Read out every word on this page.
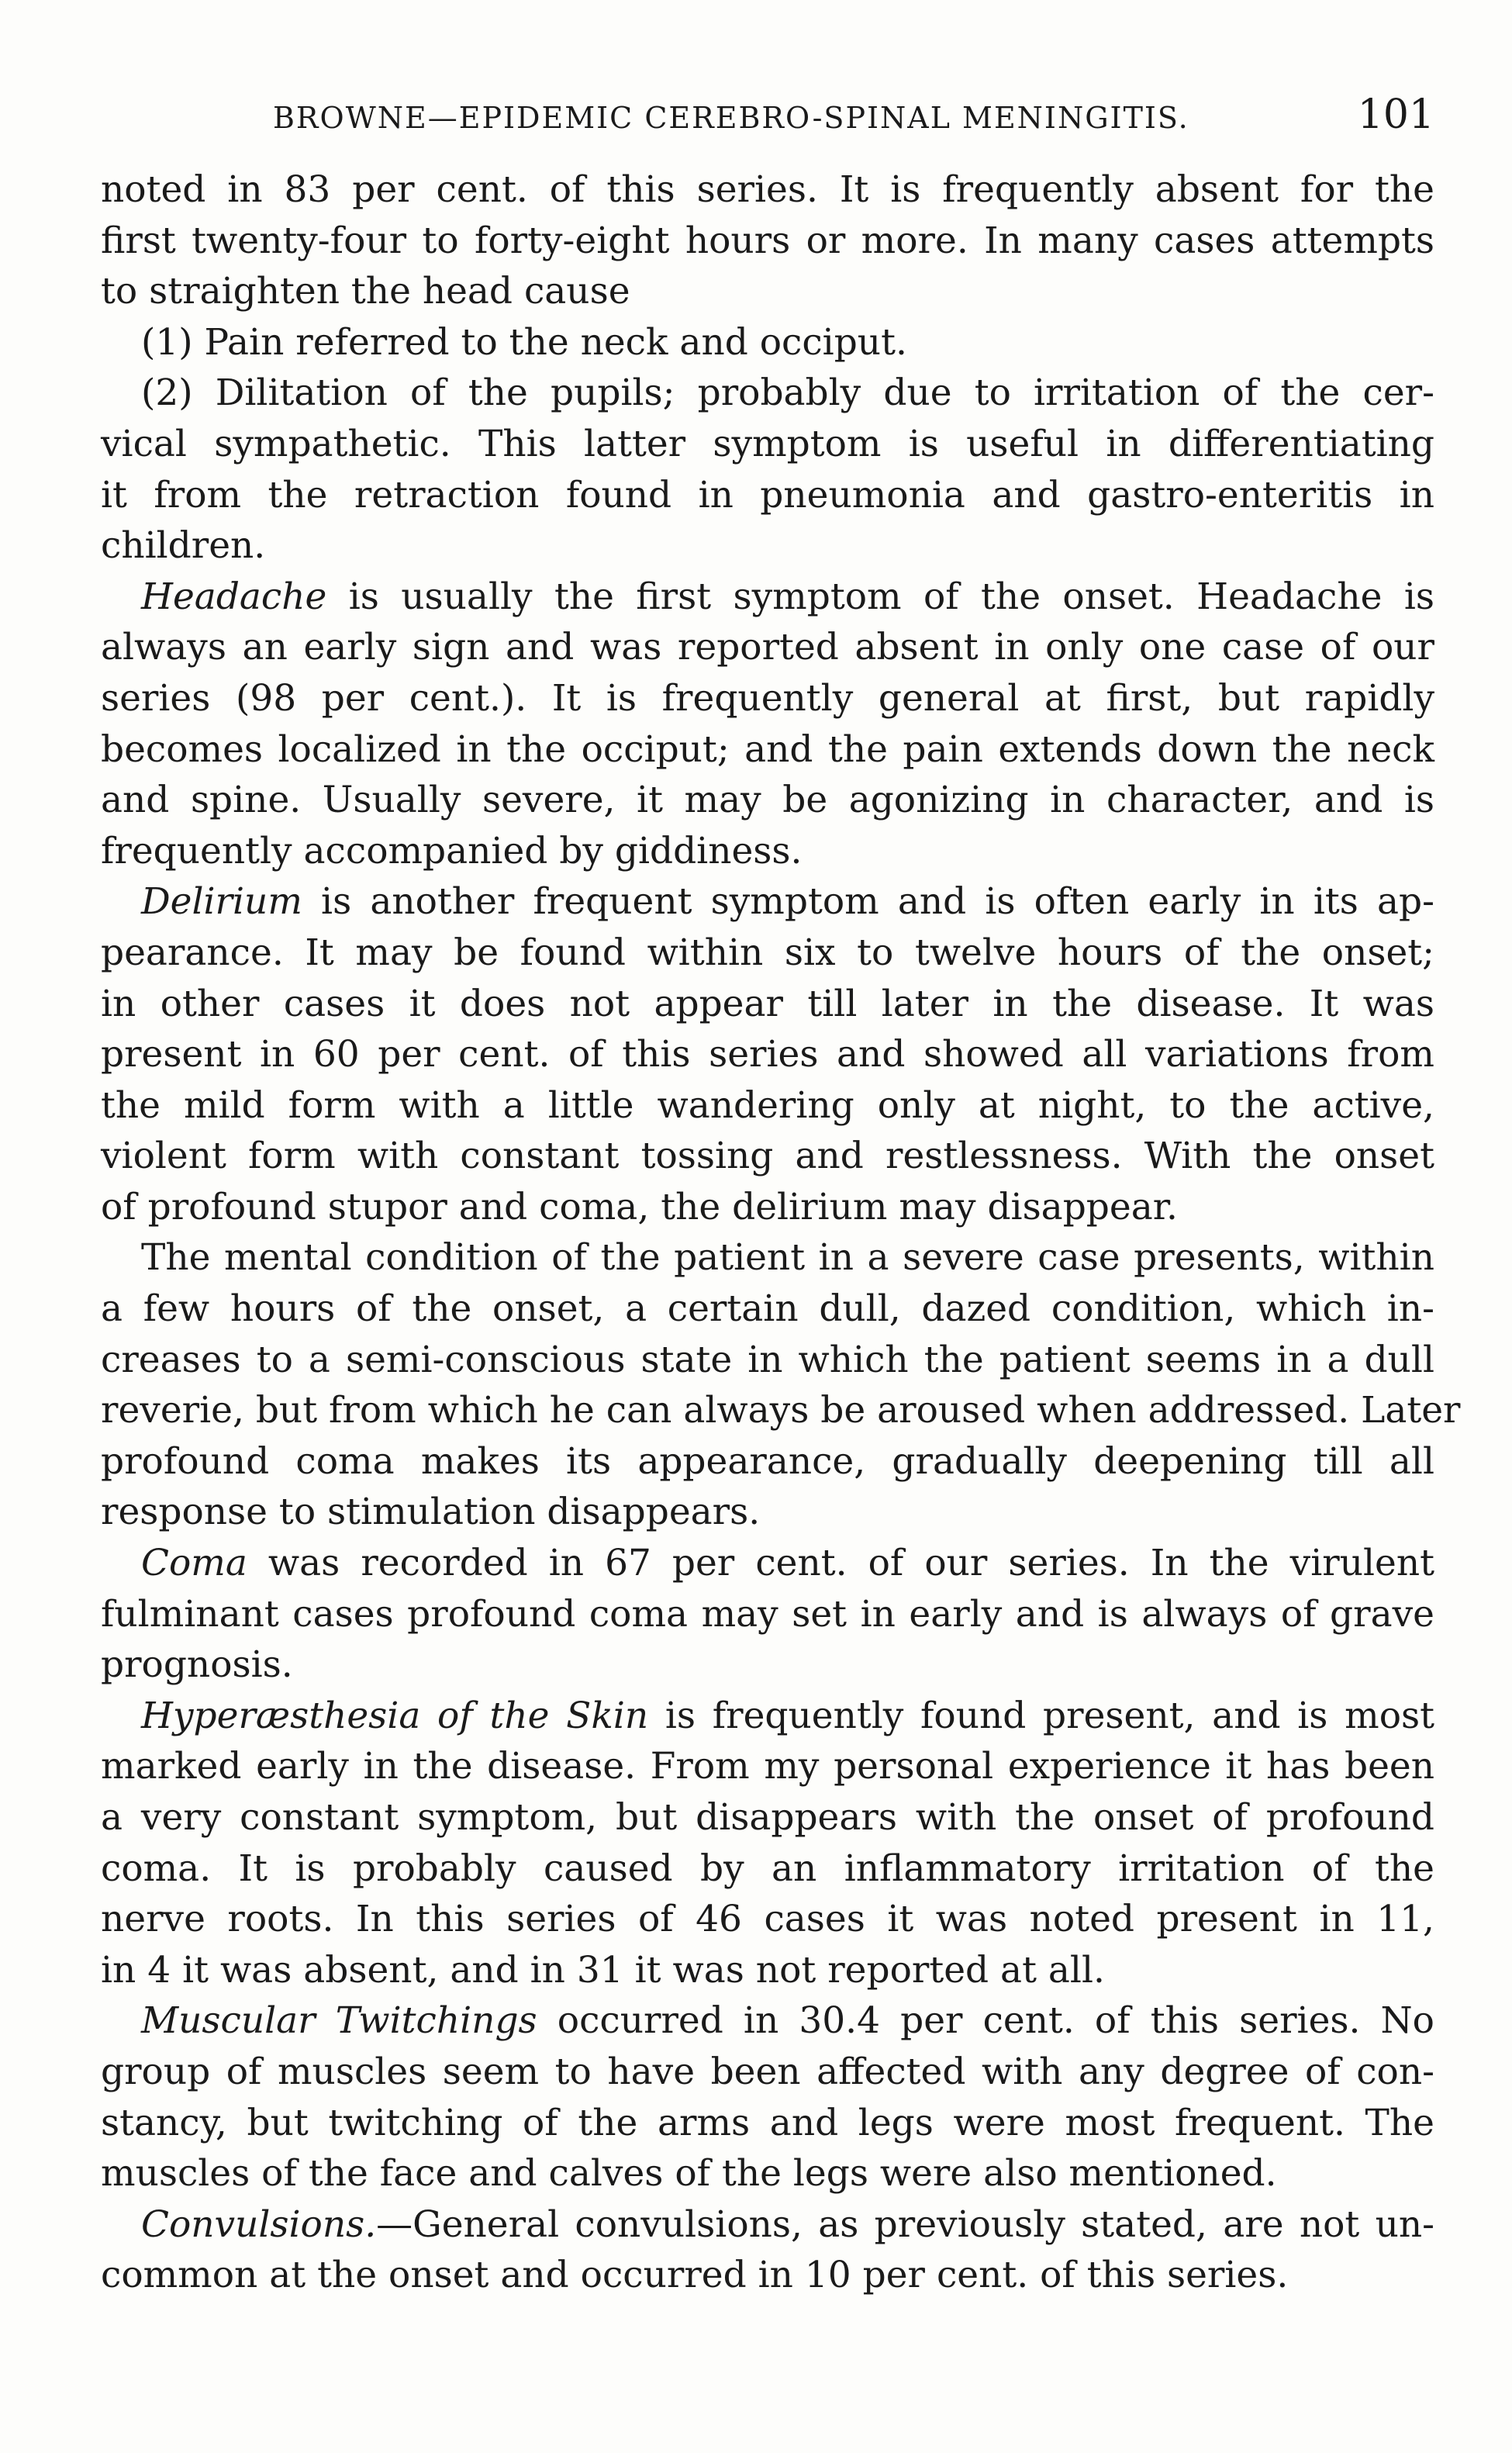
BROWNE—EPIDEMIC CEREBRO-SPINAL MENINGITIS.	101
noted in 83 per cent. of this series. It is frequently absent for the
first twenty-four to forty-eight hours or more. In many cases attempts
to straighten the head cause
(1) Pain referred to the neck and occiput.
(2) Dilitation of the pupils; probably due to irritation of the cer-
vical sympathetic. This latter symptom is useful in differentiating
it from the retraction found in pneumonia and gastro-enteritis in
children.
Headache is usually the first symptom of the onset. Headache is
always an early sign and was reported absent in only one case of our
series (98 per cent.). It is frequently general at first, but rapidly
becomes localized in the occiput; and the pain extends down the neck
and spine. Usually severe, it may be agonizing in character, and is
frequently accompanied by giddiness.
Delirium is another frequent symptom and is often early in its ap-
pearance. It may be found within six to twelve hours of the onset;
in other cases it does not appear till later in the disease. It was
present in 60 per cent. of this series and showed all variations from
the mild form with a little wandering only at night, to the active,
violent form with constant tossing and restlessness. With the onset
of profound stupor and coma, the delirium may disappear.
The mental condition of the patient in a severe case presents, within
a few hours of the onset, a certain dull, dazed condition, which in-
creases to a semi-conscious state in which the patient seems in a dull
reverie, but from which he can always be aroused when addressed. Later
profound coma makes its appearance, gradually deepening till all
response to stimulation disappears.
Coma was recorded in 67 per cent. of our series. In the virulent
fulminant cases profound coma may set in early and is always of grave
prognosis.
Hyperæsthesia of the Skin is frequently found present, and is most
marked early in the disease. From my personal experience it has been
a very constant symptom, but disappears with the onset of profound
coma. It is probably caused by an inflammatory irritation of the
nerve roots. In this series of 46 cases it was noted present in 11,
in 4 it was absent, and in 31 it was not reported at all.
Muscular Twitchings occurred in 30.4 per cent. of this series. No
group of muscles seem to have been affected with any degree of con-
stancy, but twitching of the arms and legs were most frequent. The
muscles of the face and calves of the legs were also mentioned.
Convulsions.—General convulsions, as previously stated, are not un-
common at the onset and occurred in 10 per cent. of this series.
